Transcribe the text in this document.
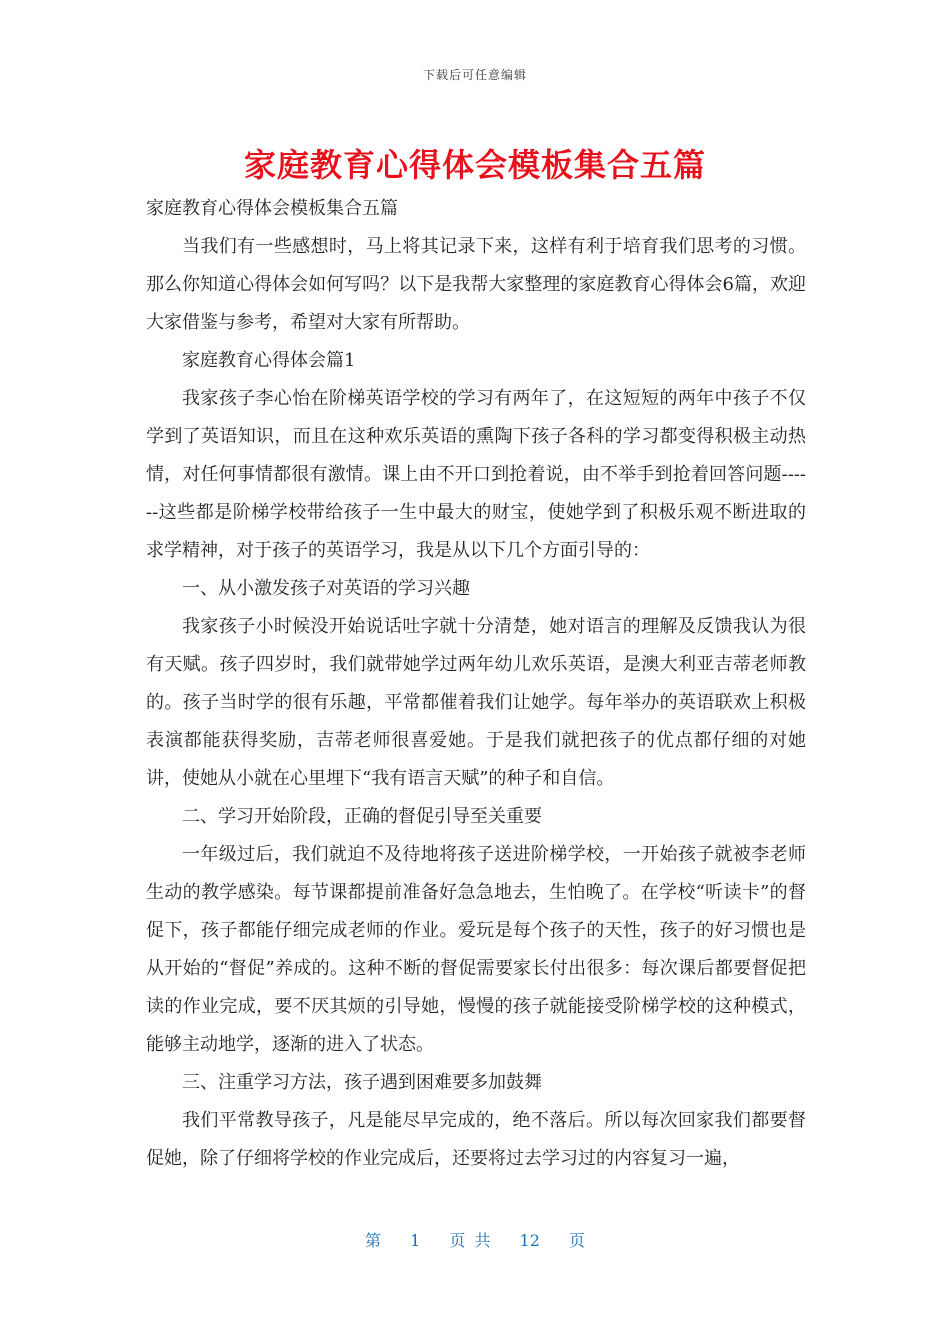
下载后可任意编辑
家庭教育心得体会模板集合五篇

家庭教育心得体会模板集合五篇

当我们有一些感想时，马上将其记录下来，这样有利于培育我们思考的习惯。那么你知道心得体会如何写吗？以下是我帮大家整理的家庭教育心得体会6篇，欢迎大家借鉴与参考，希望对大家有所帮助。

家庭教育心得体会篇1

我家孩子李心怡在阶梯英语学校的学习有两年了，在这短短的两年中孩子不仅学到了英语知识，而且在这种欢乐英语的熏陶下孩子各科的学习都变得积极主动热情，对任何事情都很有激情。课上由不开口到抢着说，由不举手到抢着回答问题------这些都是阶梯学校带给孩子一生中最大的财宝，使她学到了积极乐观不断进取的求学精神，对于孩子的英语学习，我是从以下几个方面引导的：

一、从小激发孩子对英语的学习兴趣

我家孩子小时候没开始说话吐字就十分清楚，她对语言的理解及反馈我认为很有天赋。孩子四岁时，我们就带她学过两年幼儿欢乐英语，是澳大利亚吉蒂老师教的。孩子当时学的很有乐趣，平常都催着我们让她学。每年举办的英语联欢上积极表演都能获得奖励，吉蒂老师很喜爱她。于是我们就把孩子的优点都仔细的对她讲，使她从小就在心里埋下“我有语言天赋”的种子和自信。

二、学习开始阶段，正确的督促引导至关重要

一年级过后，我们就迫不及待地将孩子送进阶梯学校，一开始孩子就被李老师生动的教学感染。每节课都提前准备好急急地去，生怕晚了。在学校“听读卡”的督促下，孩子都能仔细完成老师的作业。爱玩是每个孩子的天性，孩子的好习惯也是从开始的“督促”养成的。这种不断的督促需要家长付出很多：每次课后都要督促把读的作业完成，要不厌其烦的引导她，慢慢的孩子就能接受阶梯学校的这种模式，能够主动地学，逐渐的进入了状态。

三、注重学习方法，孩子遇到困难要多加鼓舞

我们平常教导孩子，凡是能尽早完成的，绝不落后。所以每次回家我们都要督促她，除了仔细将学校的作业完成后，还要将过去学习过的内容复习一遍，

第 1 页 共 12 页
